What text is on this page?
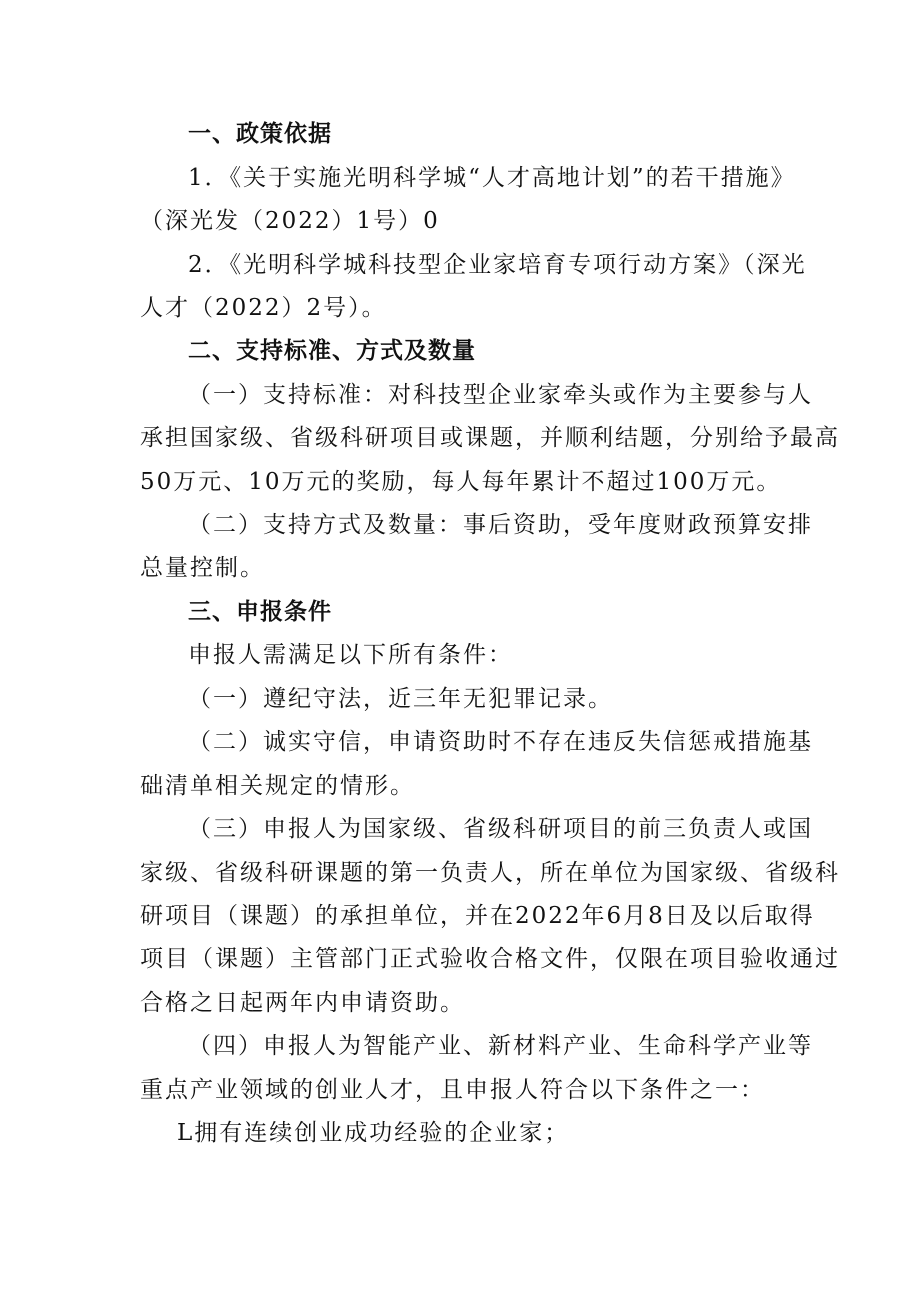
一、政策依据
1．《关于实施光明科学城“人才高地计划”的若干措施》
（深光发（2022）1号）0
2．《光明科学城科技型企业家培育专项行动方案》（深光
人才（2022）2号）。
二、支持标准、方式及数量
（一）支持标准：对科技型企业家牵头或作为主要参与人
承担国家级、省级科研项目或课题，并顺利结题，分别给予最高
50万元、10万元的奖励，每人每年累计不超过100万元。
（二）支持方式及数量：事后资助，受年度财政预算安排
总量控制。
三、申报条件
申报人需满足以下所有条件：
（一）遵纪守法，近三年无犯罪记录。
（二）诚实守信，申请资助时不存在违反失信惩戒措施基
础清单相关规定的情形。
（三）申报人为国家级、省级科研项目的前三负责人或国
家级、省级科研课题的第一负责人，所在单位为国家级、省级科
研项目（课题）的承担单位，并在2022年6月8日及以后取得
项目（课题）主管部门正式验收合格文件，仅限在项目验收通过
合格之日起两年内申请资助。
（四）申报人为智能产业、新材料产业、生命科学产业等
重点产业领域的创业人才，且申报人符合以下条件之一：
L拥有连续创业成功经验的企业家；
